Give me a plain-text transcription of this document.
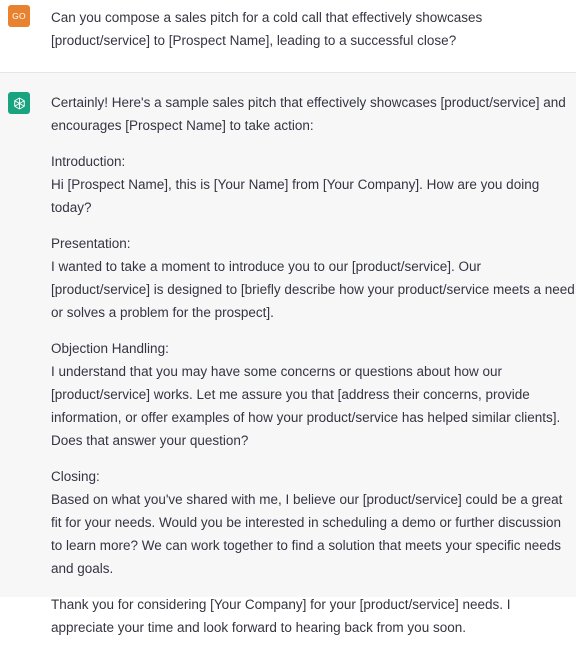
GO Can you compose a sales pitch for a cold call that effectively showcases [product/service] to [Prospect Name], leading to a successful close?

Certainly! Here's a sample sales pitch that effectively showcases [product/service] and encourages [Prospect Name] to take action:

Introduction:
Hi [Prospect Name], this is [Your Name] from [Your Company]. How are you doing today?

Presentation:
I wanted to take a moment to introduce you to our [product/service]. Our [product/service] is designed to [briefly describe how your product/service meets a need or solves a problem for the prospect].

Objection Handling:
I understand that you may have some concerns or questions about how our [product/service] works. Let me assure you that [address their concerns, provide information, or offer examples of how your product/service has helped similar clients]. Does that answer your question?

Closing:
Based on what you've shared with me, I believe our [product/service] could be a great fit for your needs. Would you be interested in scheduling a demo or further discussion to learn more? We can work together to find a solution that meets your specific needs and goals.

Thank you for considering [Your Company] for your [product/service] needs. I appreciate your time and look forward to hearing back from you soon.
